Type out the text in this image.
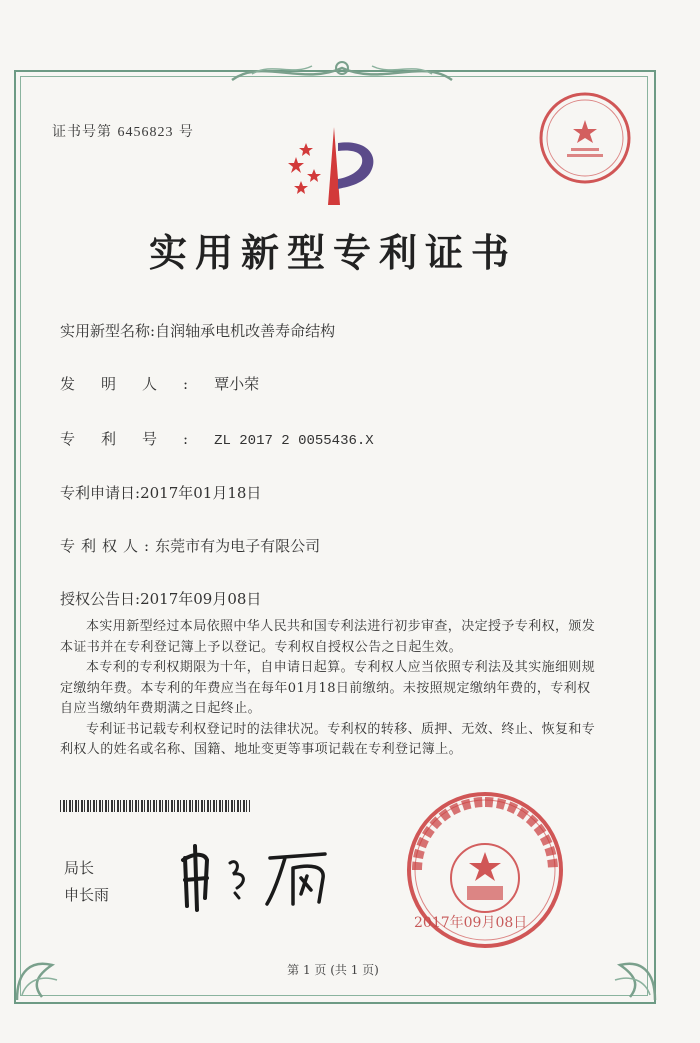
证书号第 6456823 号
实用新型专利证书
实用新型名称:自润轴承电机改善寿命结构
发明人:覃小荣
专利号:ZL 2017 2 0055436.X
专利申请日:2017年01月18日
专利权人:东莞市有为电子有限公司
授权公告日:2017年09月08日

本实用新型经过本局依照中华人民共和国专利法进行初步审查，决定授予专利权，颁发本证书并在专利登记簿上予以登记。专利权自授权公告之日起生效。

本专利的专利权期限为十年，自申请日起算。专利权人应当依照专利法及其实施细则规定缴纳年费。本专利的年费应当在每年01月18日前缴纳。未按照规定缴纳年费的，专利权自应当缴纳年费期满之日起终止。

专利证书记载专利权登记时的法律状况。专利权的转移、质押、无效、终止、恢复和专利权人的姓名或名称、国籍、地址变更等事项记载在专利登记簿上。

局长
申长雨
2017年09月08日
第 1 页 (共 1 页)
